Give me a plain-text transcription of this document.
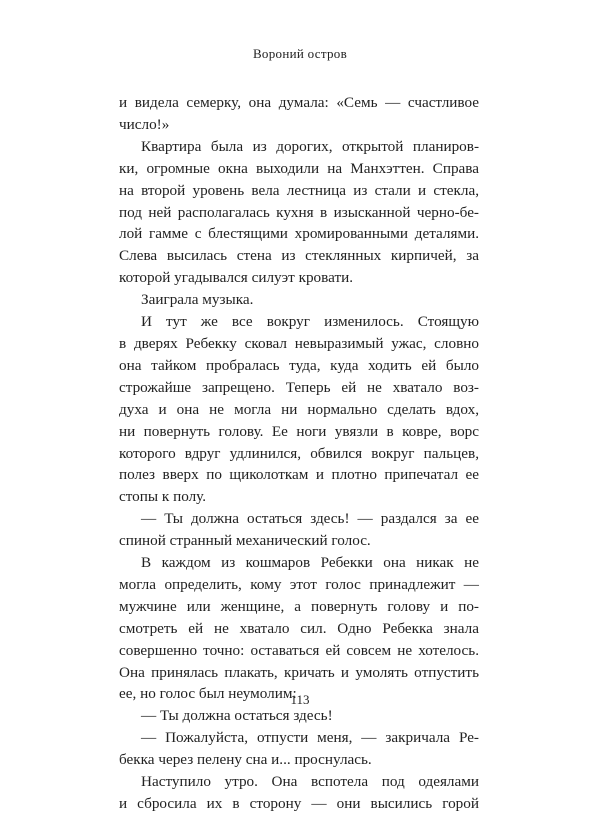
Вороний остров
и видела семерку, она думала: «Семь — счастливое
число!»
Квартира была из дорогих, открытой планиров-
ки, огромные окна выходили на Манхэттен. Справа
на второй уровень вела лестница из стали и стекла,
под ней располагалась кухня в изысканной черно-бе-
лой гамме с блестящими хромированными деталями.
Слева высилась стена из стеклянных кирпичей, за
которой угадывался силуэт кровати.
Заиграла музыка.
И тут же все вокруг изменилось. Стоящую
в дверях Ребекку сковал невыразимый ужас, словно
она тайком пробралась туда, куда ходить ей было
строжайше запрещено. Теперь ей не хватало воз-
духа и она не могла ни нормально сделать вдох,
ни повернуть голову. Ее ноги увязли в ковре, ворс
которого вдруг удлинился, обвился вокруг пальцев,
полез вверх по щиколоткам и плотно припечатал ее
стопы к полу.
— Ты должна остаться здесь! — раздался за ее
спиной странный механический голос.
В каждом из кошмаров Ребекки она никак не
могла определить, кому этот голос принадлежит —
мужчине или женщине, а повернуть голову и по-
смотреть ей не хватало сил. Одно Ребекка знала
совершенно точно: оставаться ей совсем не хотелось.
Она принялась плакать, кричать и умолять отпустить
ее, но голос был неумолим:
— Ты должна остаться здесь!
— Пожалуйста, отпусти меня, — закричала Ре-
бекка через пелену сна и... проснулась.
Наступило утро. Она вспотела под одеялами
и сбросила их в сторону — они высились горой
113
